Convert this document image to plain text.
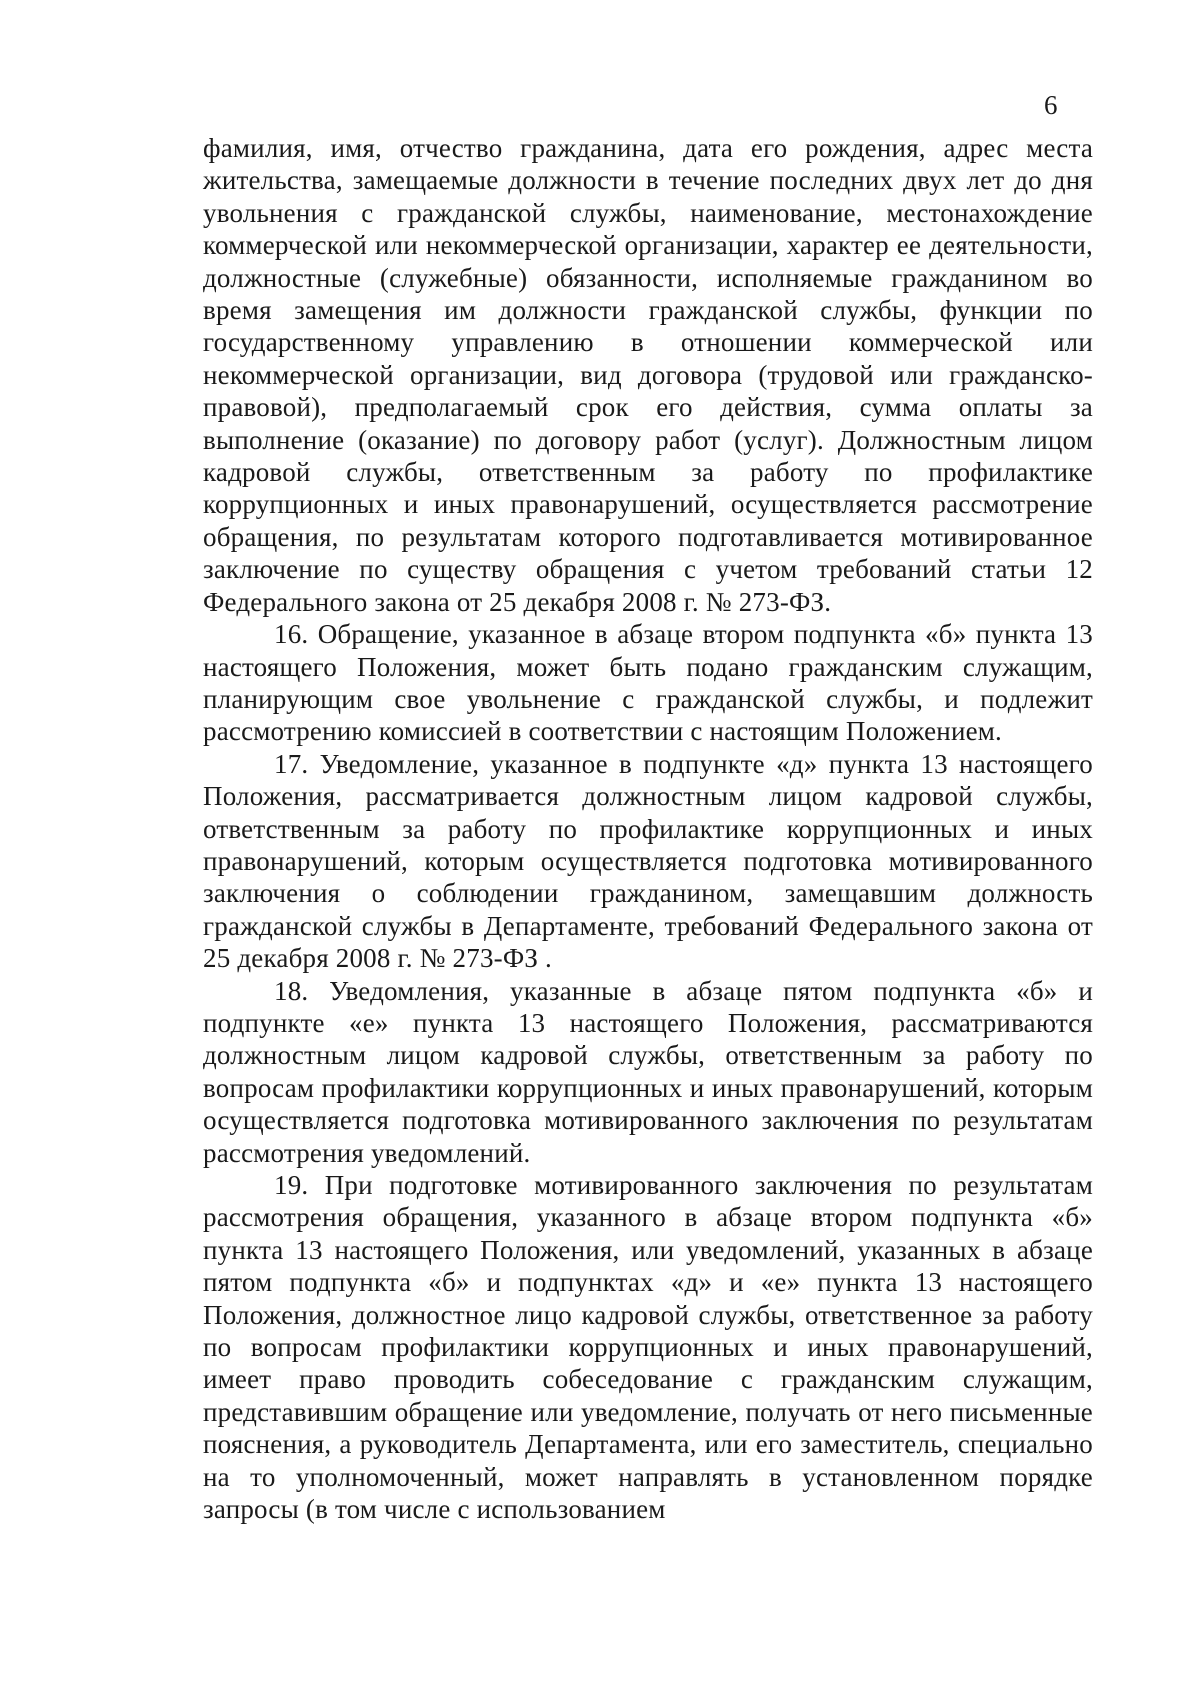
6

фамилия, имя, отчество гражданина, дата его рождения, адрес места жительства, замещаемые должности в течение последних двух лет до дня увольнения с гражданской службы, наименование, местонахождение коммерческой или некоммерческой организации, характер ее деятельности, должностные (служебные) обязанности, исполняемые гражданином во время замещения им должности гражданской службы, функции по государственному управлению в отношении коммерческой или некоммерческой организации, вид договора (трудовой или гражданско-правовой), предполагаемый срок его действия, сумма оплаты за выполнение (оказание) по договору работ (услуг). Должностным лицом кадровой службы, ответственным за работу по профилактике коррупционных и иных правонарушений, осуществляется рассмотрение обращения, по результатам которого подготавливается мотивированное заключение по существу обращения с учетом требований статьи 12 Федерального закона от 25 декабря 2008 г. № 273-ФЗ.

16. Обращение, указанное в абзаце втором подпункта «б» пункта 13 настоящего Положения, может быть подано гражданским служащим, планирующим свое увольнение с гражданской службы, и подлежит рассмотрению комиссией в соответствии с настоящим Положением.

17. Уведомление, указанное в подпункте «д» пункта 13 настоящего Положения, рассматривается должностным лицом кадровой службы, ответственным за работу по профилактике коррупционных и иных правонарушений, которым осуществляется подготовка мотивированного заключения о соблюдении гражданином, замещавшим должность гражданской службы в Департаменте, требований Федерального закона от 25 декабря 2008 г. № 273-ФЗ .

18. Уведомления, указанные в абзаце пятом подпункта «б» и подпункте «е» пункта 13 настоящего Положения, рассматриваются должностным лицом кадровой службы, ответственным за работу по вопросам профилактики коррупционных и иных правонарушений, которым осуществляется подготовка мотивированного заключения по результатам рассмотрения уведомлений.

19. При подготовке мотивированного заключения по результатам рассмотрения обращения, указанного в абзаце втором подпункта «б» пункта 13 настоящего Положения, или уведомлений, указанных в абзаце пятом подпункта «б» и подпунктах «д» и «е» пункта 13 настоящего Положения, должностное лицо кадровой службы, ответственное за работу по вопросам профилактики коррупционных и иных правонарушений, имеет право проводить собеседование с гражданским служащим, представившим обращение или уведомление, получать от него письменные пояснения, а руководитель Департамента, или его заместитель, специально на то уполномоченный, может направлять в установленном порядке запросы (в том числе с использованием
